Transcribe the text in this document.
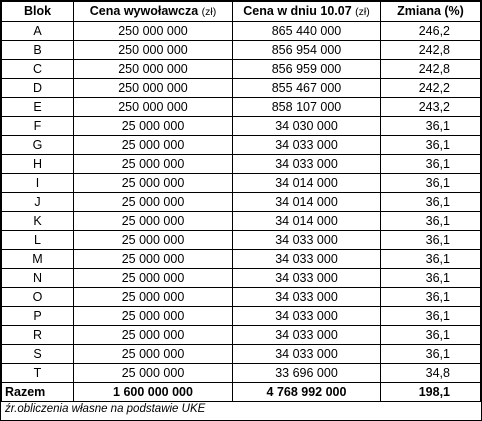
Blok	Cena wywoławcza (zł)	Cena w dniu 10.07 (zł)	Zmiana (%)
A	250 000 000	865 440 000	246,2
B	250 000 000	856 954 000	242,8
C	250 000 000	856 959 000	242,8
D	250 000 000	855 467 000	242,2
E	250 000 000	858 107 000	243,2
F	25 000 000	34 030 000	36,1
G	25 000 000	34 033 000	36,1
H	25 000 000	34 033 000	36,1
I	25 000 000	34 014 000	36,1
J	25 000 000	34 014 000	36,1
K	25 000 000	34 014 000	36,1
L	25 000 000	34 033 000	36,1
M	25 000 000	34 033 000	36,1
N	25 000 000	34 033 000	36,1
O	25 000 000	34 033 000	36,1
P	25 000 000	34 033 000	36,1
R	25 000 000	34 033 000	36,1
S	25 000 000	34 033 000	36,1
T	25 000 000	33 696 000	34,8
Razem	1 600 000 000	4 768 992 000	198,1
źr.obliczenia własne na podstawie UKE
